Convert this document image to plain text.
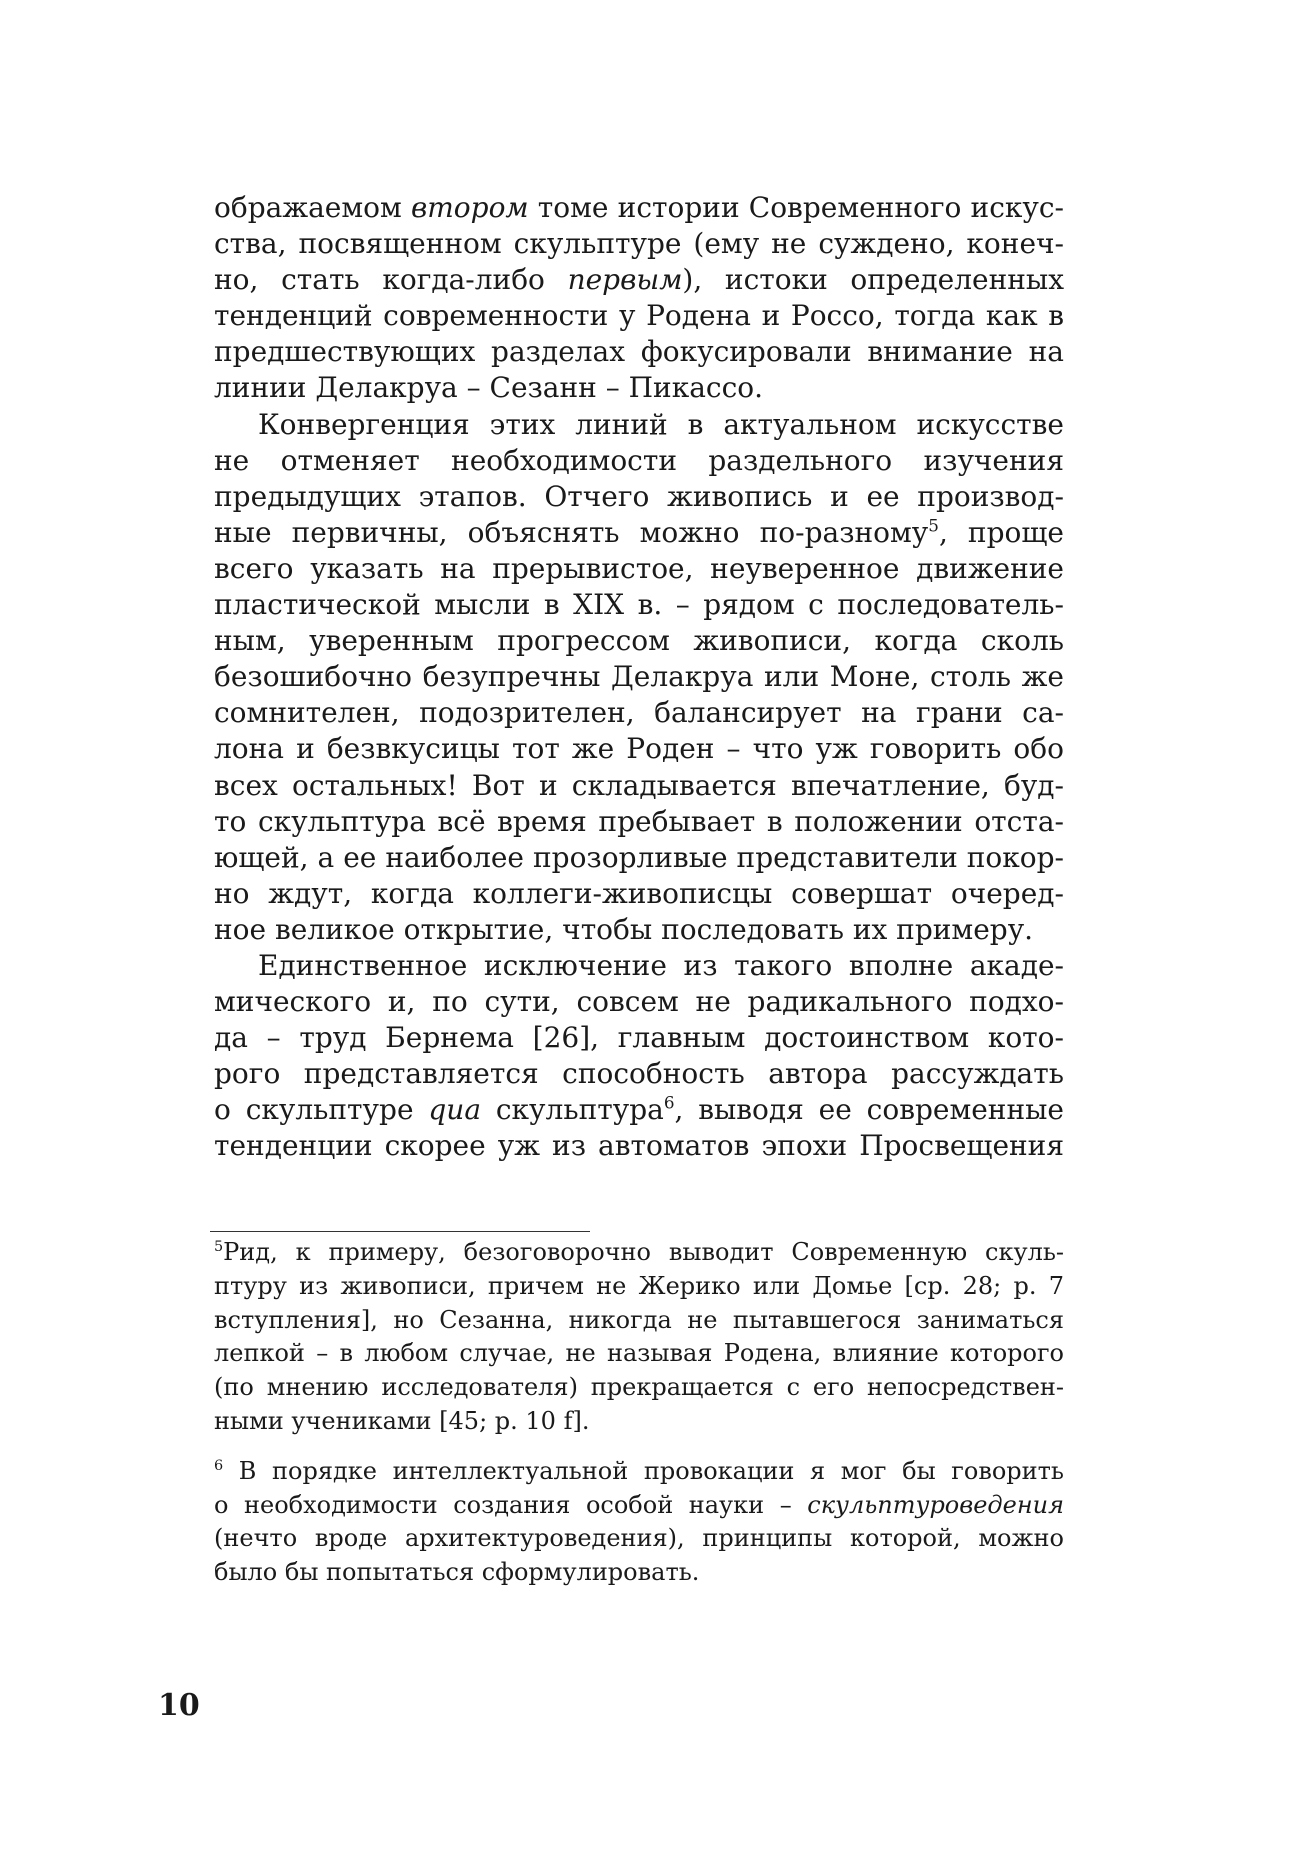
ображаемом втором томе истории Современного искус-
ства, посвященном скульптуре (ему не суждено, конеч-
но, стать когда-либо первым), истоки определенных
тенденций современности у Родена и Россо, тогда как в
предшествующих разделах фокусировали внимание на
линии Делакруа – Сезанн – Пикассо.
Конвергенция этих линий в актуальном искусстве
не отменяет необходимости раздельного изучения
предыдущих этапов. Отчего живопись и ее производ-
ные первичны, объяснять можно по-разному$^5$, проще
всего указать на прерывистое, неуверенное движение
пластической мысли в XIX в. – рядом с последователь-
ным, уверенным прогрессом живописи, когда сколь
безошибочно безупречны Делакруа или Моне, столь же
сомнителен, подозрителен, балансирует на грани са-
лона и безвкусицы тот же Роден – что уж говорить обо
всех остальных! Вот и складывается впечатление, буд-
то скульптура всё время пребывает в положении отста-
ющей, а ее наиболее прозорливые представители покор-
но ждут, когда коллеги-живописцы совершат очеред-
ное великое открытие, чтобы последовать их примеру.
Единственное исключение из такого вполне акаде-
мического и, по сути, совсем не радикального подхо-
да – труд Бернема [26], главным достоинством кото-
рого представляется способность автора рассуждать
о скульптуре qua скульптура$^6$, выводя ее современные
тенденции скорее уж из автоматов эпохи Просвещения
$^5$Рид, к примеру, безоговорочно выводит Современную скуль-
птуру из живописи, причем не Жерико или Домье [ср. 28; p. 7
вступления], но Сезанна, никогда не пытавшегося заниматься
лепкой – в любом случае, не называя Родена, влияние которого
(по мнению исследователя) прекращается с его непосредствен-
ными учениками [45; p. 10 f].
$^6$ В порядке интеллектуальной провокации я мог бы говорить
о необходимости создания особой науки – скульптуроведения
(нечто вроде архитектуроведения), принципы которой, можно
было бы попытаться сформулировать.
10
